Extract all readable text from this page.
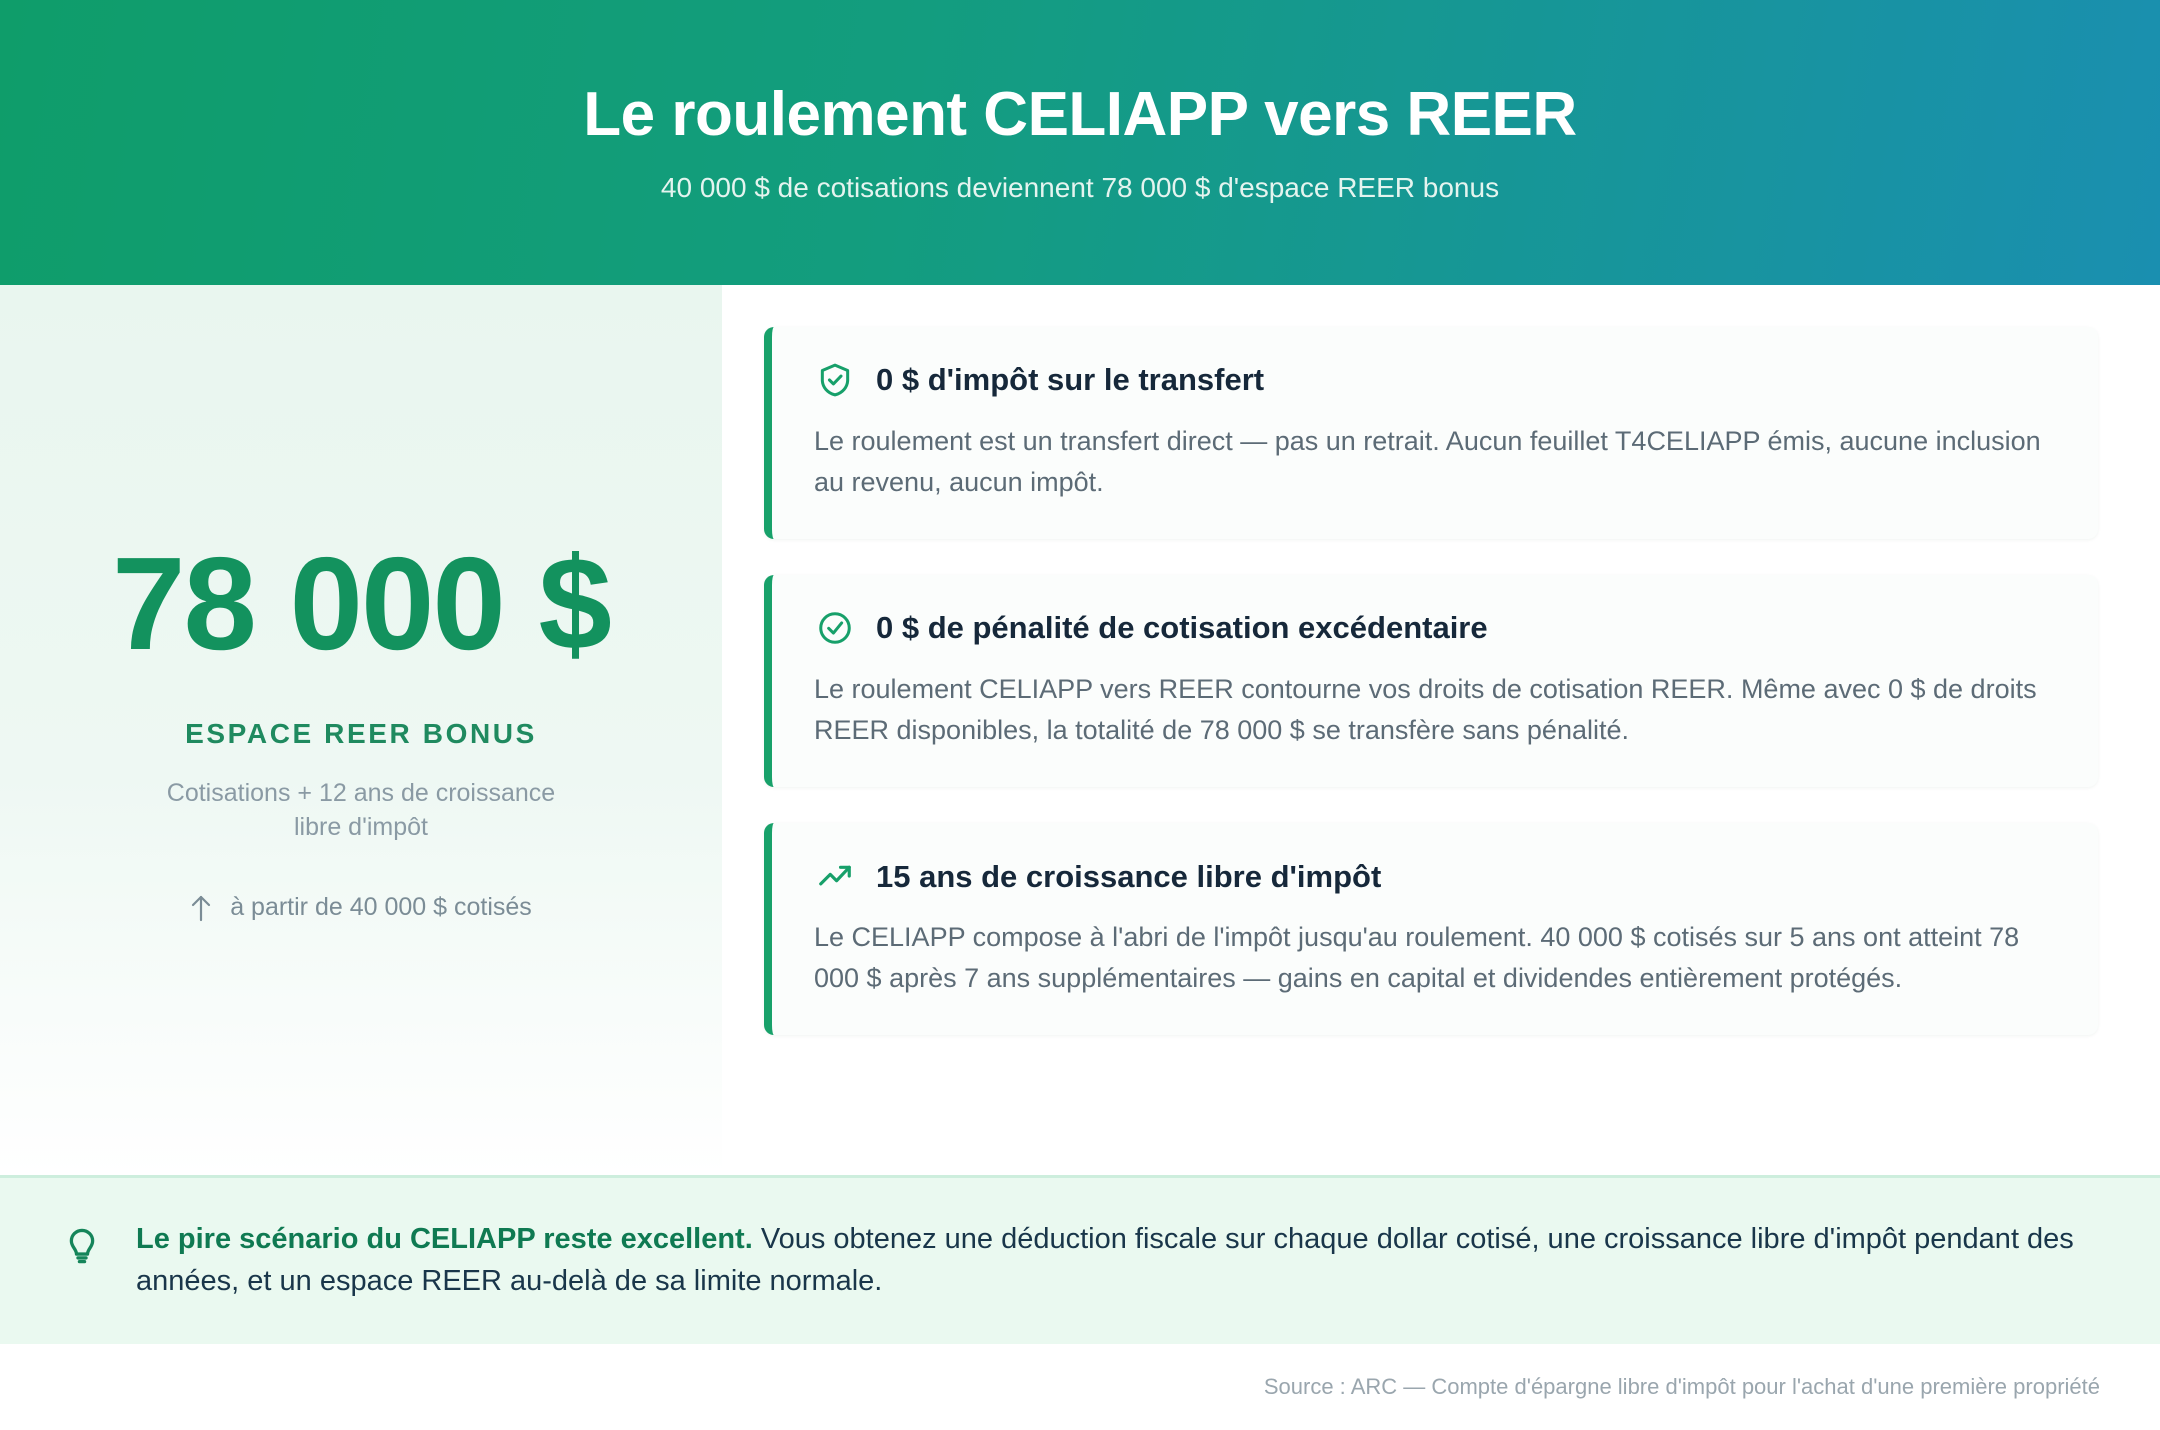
Le roulement CELIAPP vers REER
40 000 $ de cotisations deviennent 78 000 $ d'espace REER bonus
78 000 $
ESPACE REER BONUS
Cotisations + 12 ans de croissance libre d'impôt
à partir de 40 000 $ cotisés
0 $ d'impôt sur le transfert
Le roulement est un transfert direct — pas un retrait. Aucun feuillet T4CELIAPP émis, aucune inclusion au revenu, aucun impôt.
0 $ de pénalité de cotisation excédentaire
Le roulement CELIAPP vers REER contourne vos droits de cotisation REER. Même avec 0 $ de droits REER disponibles, la totalité de 78 000 $ se transfère sans pénalité.
15 ans de croissance libre d'impôt
Le CELIAPP compose à l'abri de l'impôt jusqu'au roulement. 40 000 $ cotisés sur 5 ans ont atteint 78 000 $ après 7 ans supplémentaires — gains en capital et dividendes entièrement protégés.
Le pire scénario du CELIAPP reste excellent. Vous obtenez une déduction fiscale sur chaque dollar cotisé, une croissance libre d'impôt pendant des années, et un espace REER au-delà de sa limite normale.
Source : ARC — Compte d'épargne libre d'impôt pour l'achat d'une première propriété
